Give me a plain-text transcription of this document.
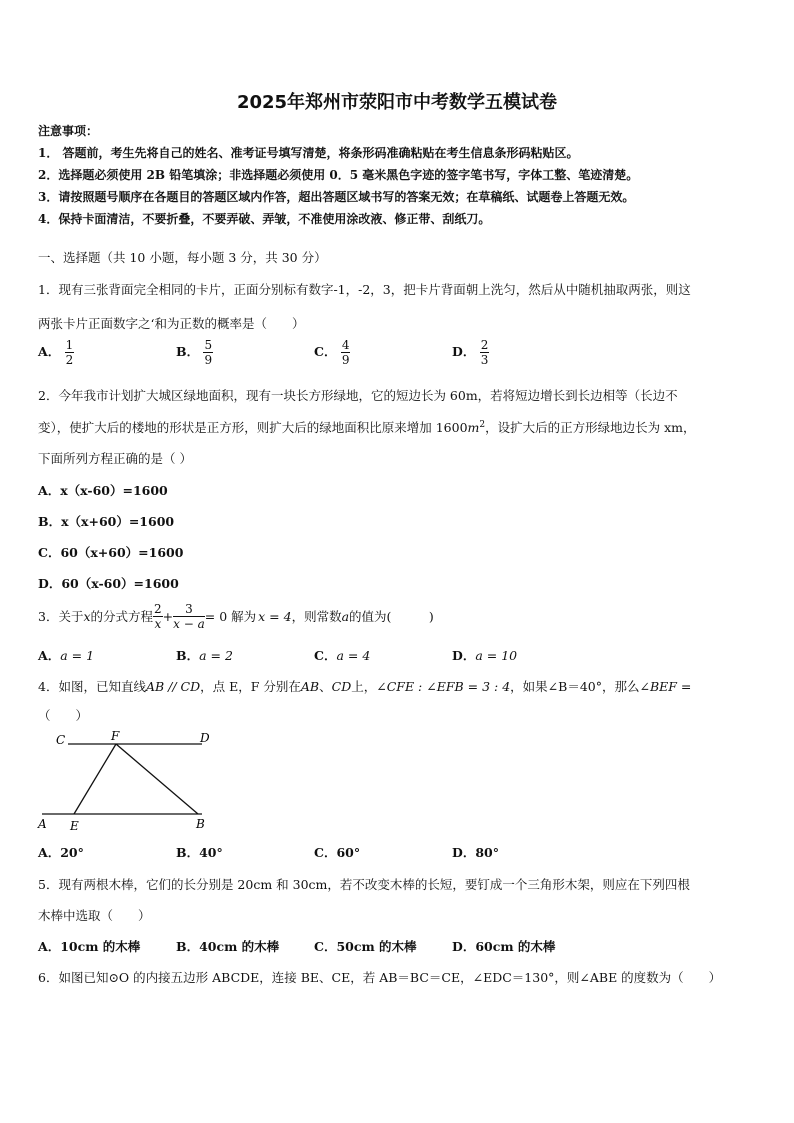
2025年郑州市荥阳市中考数学五模试卷
注意事项：
1． 答题前，考生先将自己的姓名、准考证号填写清楚，将条形码准确粘贴在考生信息条形码粘贴区。
2．选择题必须使用 2B 铅笔填涂；非选择题必须使用 0．5 毫米黑色字迹的签字笔书写，字体工整、笔迹清楚。
3．请按照题号顺序在各题目的答题区域内作答，超出答题区域书写的答案无效；在草稿纸、试题卷上答题无效。
4．保持卡面清洁，不要折叠，不要弄破、弄皱，不准使用涂改液、修正带、刮纸刀。
一、选择题（共 10 小题，每小题 3 分，共 30 分）
1．现有三张背面完全相同的卡片，正面分别标有数字-1，-2，3，把卡片背面朝上洗匀，然后从中随机抽取两张，则这
两张卡片正面数字之‘和为正数的概率是（　　）
A． $\frac{1}{2}$	B． $\frac{5}{9}$	C． $\frac{4}{9}$	D． $\frac{2}{3}$
2．今年我市计划扩大城区绿地面积，现有一块长方形绿地，它的短边长为 60m，若将短边增长到长边相等（长边不
变），使扩大后的楼地的形状是正方形，则扩大后的绿地面积比原来增加 $1600m^2$，设扩大后的正方形绿地边长为 xm，
下面所列方程正确的是（ ）
A．x（x-60）=1600
B．x（x+60）=1600
C．60（x+60）=1600
D．60（x-60）=1600
3．关于 x 的分式方程 $\frac{2}{x} + \frac{3}{x - a} = 0$ 解为 x = 4 ，则常数 a 的值为(　　　)
A．a = 1	B．a = 2	C．a = 4	D．a = 10
4．如图，已知直线AB // CD，点 E，F 分别在AB、CD上，∠CFE : ∠EFB = 3 : 4，如果∠B＝40°，那么∠BEF =
（　　）
C	F	D
A E	B
A．20°	B．40°	C．60°	D．80°
5．现有两根木棒，它们的长分别是 20cm 和 30cm，若不改变木棒的长短，要钉成一个三角形木架，则应在下列四根
木棒中选取（　　）
A．10cm 的木棒	B．40cm 的木棒	C．50cm 的木棒	D．60cm 的木棒
6．如图已知⊙O 的内接五边形 ABCDE，连接 BE、CE，若 AB＝BC＝CE，∠EDC＝130°，则∠ABE 的度数为（　　）
